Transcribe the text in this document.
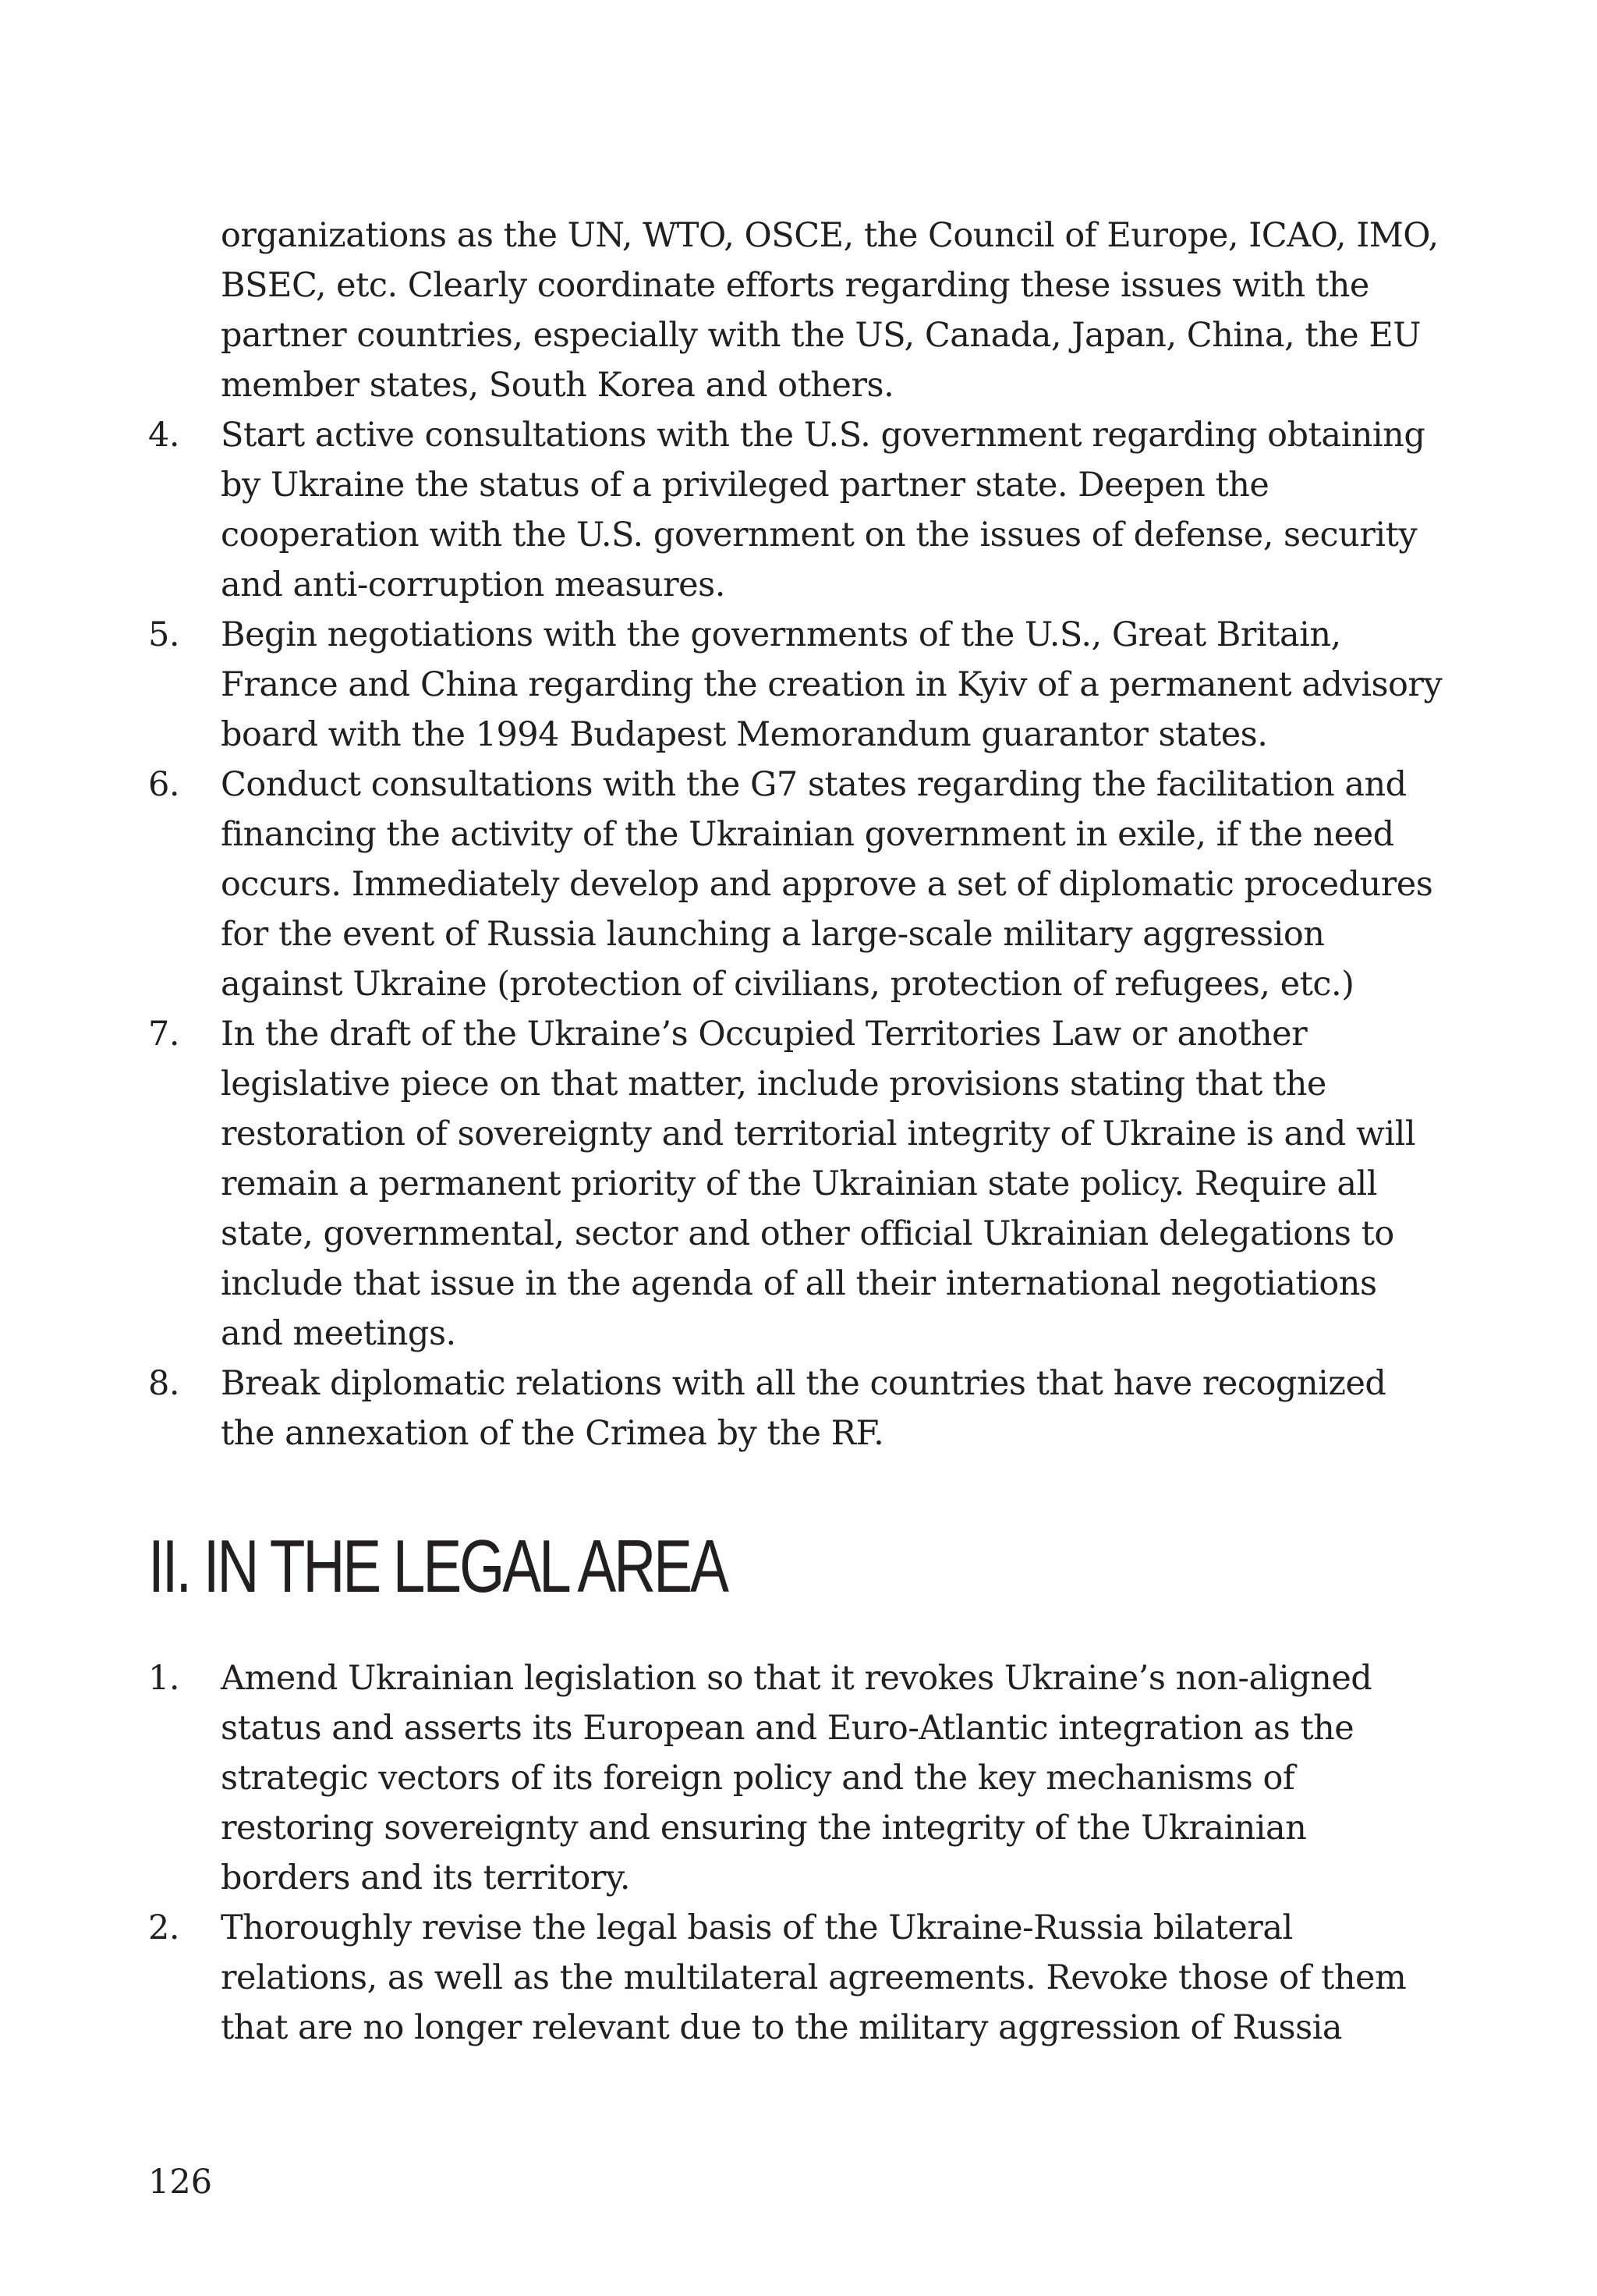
organizations as the UN, WTO, OSCE, the Council of Europe, ICAO, IMO, BSEC, etc. Clearly coordinate efforts regarding these issues with the partner countries, especially with the US, Canada, Japan, China, the EU member states, South Korea and others.
4. Start active consultations with the U.S. government regarding obtaining by Ukraine the status of a privileged partner state. Deepen the cooperation with the U.S. government on the issues of defense, security and anti-corruption measures.
5. Begin negotiations with the governments of the U.S., Great Britain, France and China regarding the creation in Kyiv of a permanent advisory board with the 1994 Budapest Memorandum guarantor states.
6. Conduct consultations with the G7 states regarding the facilitation and financing the activity of the Ukrainian government in exile, if the need occurs. Immediately develop and approve a set of diplomatic procedures for the event of Russia launching a large-scale military aggression against Ukraine (protection of civilians, protection of refugees, etc.)
7. In the draft of the Ukraine’s Occupied Territories Law or another legislative piece on that matter, include provisions stating that the restoration of sovereignty and territorial integrity of Ukraine is and will remain a permanent priority of the Ukrainian state policy. Require all state, governmental, sector and other official Ukrainian delegations to include that issue in the agenda of all their international negotiations and meetings.
8. Break diplomatic relations with all the countries that have recognized the annexation of the Crimea by the RF.
II. IN THE LEGAL AREA
1. Amend Ukrainian legislation so that it revokes Ukraine’s non-aligned status and asserts its European and Euro-Atlantic integration as the strategic vectors of its foreign policy and the key mechanisms of restoring sovereignty and ensuring the integrity of the Ukrainian borders and its territory.
2. Thoroughly revise the legal basis of the Ukraine-Russia bilateral relations, as well as the multilateral agreements. Revoke those of them that are no longer relevant due to the military aggression of Russia
126
